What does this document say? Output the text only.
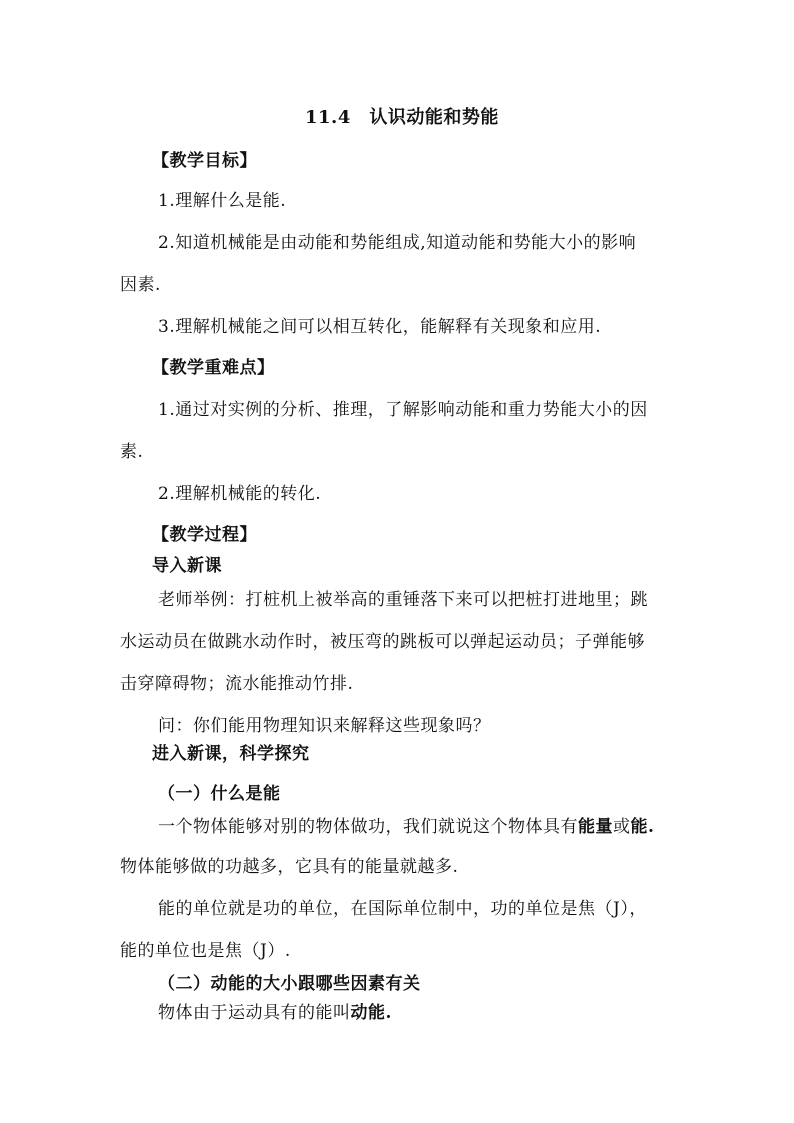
11.4　认识动能和势能
【教学目标】
1.理解什么是能.
2.知道机械能是由动能和势能组成,知道动能和势能大小的影响
因素.
3.理解机械能之间可以相互转化，能解释有关现象和应用.
【教学重难点】
1.通过对实例的分析、推理，了解影响动能和重力势能大小的因
素.
2.理解机械能的转化.
【教学过程】
导入新课
老师举例：打桩机上被举高的重锤落下来可以把桩打进地里；跳
水运动员在做跳水动作时，被压弯的跳板可以弹起运动员；子弹能够
击穿障碍物；流水能推动竹排.
问：你们能用物理知识来解释这些现象吗？
进入新课，科学探究
（一）什么是能
一个物体能够对别的物体做功，我们就说这个物体具有能量或能.
物体能够做的功越多，它具有的能量就越多.
能的单位就是功的单位，在国际单位制中，功的单位是焦（J），
能的单位也是焦（J）.
（二）动能的大小跟哪些因素有关
物体由于运动具有的能叫动能.
